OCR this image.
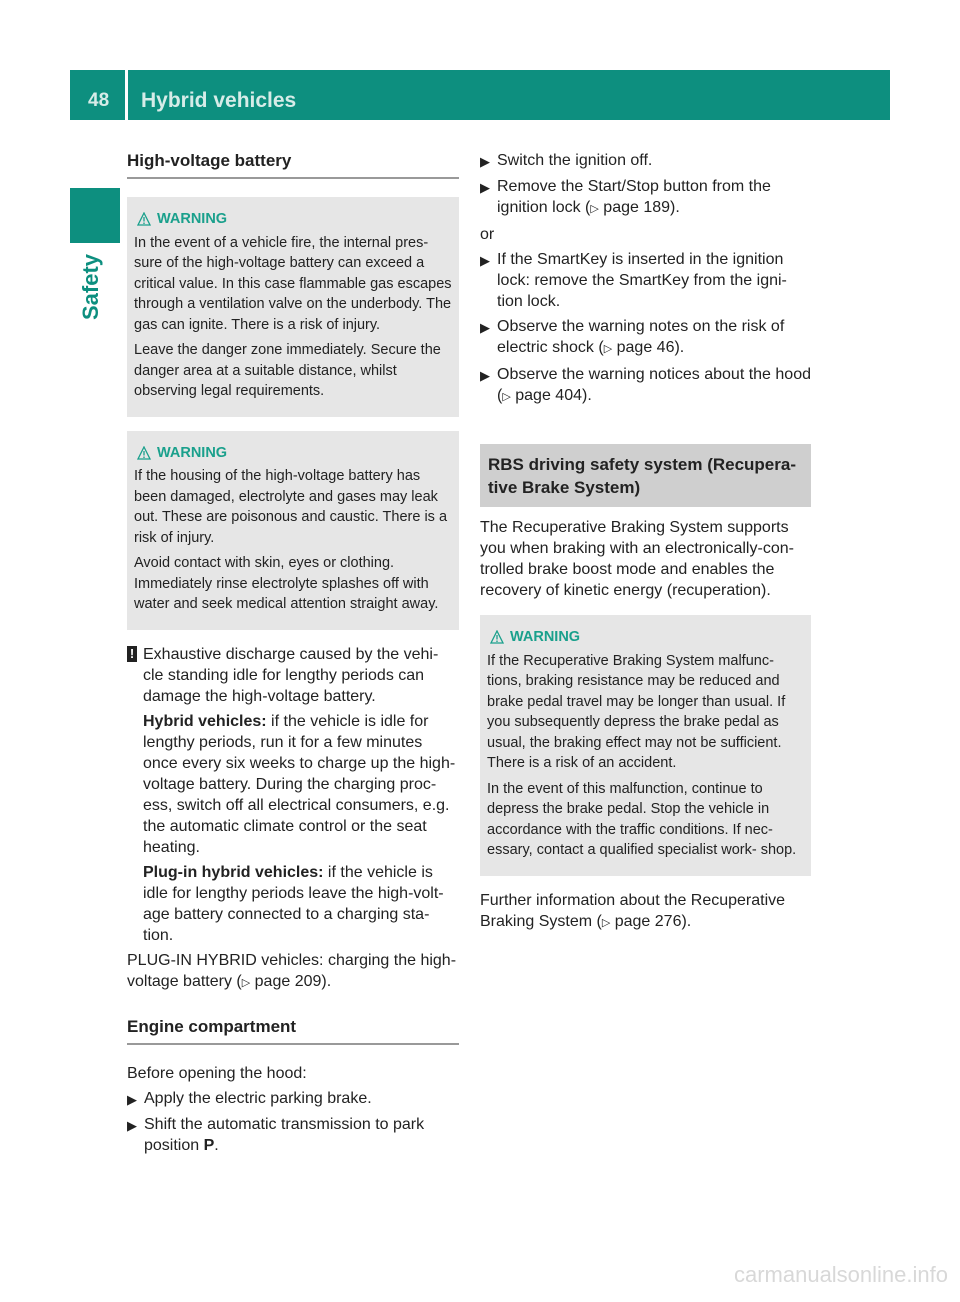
48 Hybrid vehicles
Safety
High-voltage battery
WARNING

In the event of a vehicle fire, the internal pres- sure of the high-voltage battery can exceed a critical value. In this case flammable gas escapes through a ventilation valve on the underbody. The gas can ignite. There is a risk of injury.

Leave the danger zone immediately. Secure the danger area at a suitable distance, whilst observing legal requirements.

WARNING

If the housing of the high-voltage battery has been damaged, electrolyte and gases may leak out. These are poisonous and caustic. There is a risk of injury.

Avoid contact with skin, eyes or clothing. Immediately rinse electrolyte splashes off with water and seek medical attention straight away.

! Exhaustive discharge caused by the vehi- cle standing idle for lengthy periods can damage the high-voltage battery.

Hybrid vehicles: if the vehicle is idle for lengthy periods, run it for a few minutes once every six weeks to charge up the high- voltage battery. During the charging proc- ess, switch off all electrical consumers, e.g. the automatic climate control or the seat heating.

Plug-in hybrid vehicles: if the vehicle is idle for lengthy periods leave the high-volt- age battery connected to a charging sta- tion.

PLUG-IN HYBRID vehicles: charging the high- voltage battery (▷ page 209).

Engine compartment

Before opening the hood:

▶ Apply the electric parking brake.
▶ Shift the automatic transmission to park position P.
▶ Switch the ignition off.
▶ Remove the Start/Stop button from the ignition lock (▷ page 189).

or

▶ If the SmartKey is inserted in the ignition lock: remove the SmartKey from the igni- tion lock.
▶ Observe the warning notes on the risk of electric shock (▷ page 46).
▶ Observe the warning notices about the hood (▷ page 404).
RBS driving safety system (Recupera- tive Brake System)

The Recuperative Braking System supports you when braking with an electronically-con- trolled brake boost mode and enables the recovery of kinetic energy (recuperation).

WARNING

If the Recuperative Braking System malfunc- tions, braking resistance may be reduced and brake pedal travel may be longer than usual. If you subsequently depress the brake pedal as usual, the braking effect may not be sufficient. There is a risk of an accident.

In the event of this malfunction, continue to depress the brake pedal. Stop the vehicle in accordance with the traffic conditions. If nec- essary, contact a qualified specialist work- shop.

Further information about the Recuperative Braking System (▷ page 276).

carmanualsonline.info
